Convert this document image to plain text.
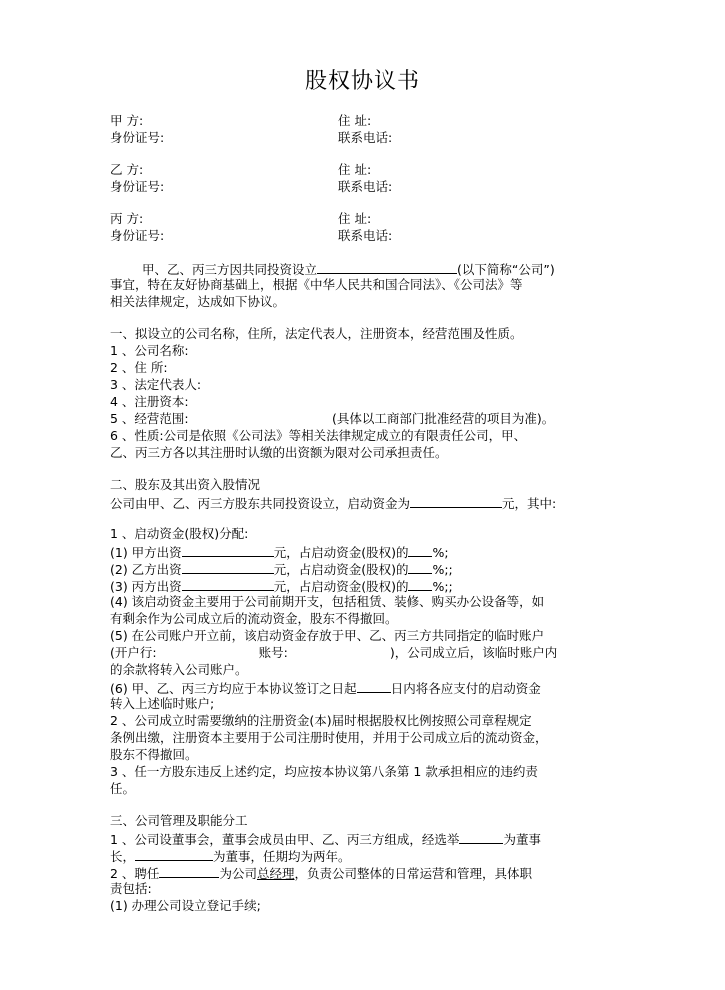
股权协议书
甲 方:	住 址:
身份证号:	联系电话:
乙 方:	住 址:
身份证号:	联系电话:
丙 方:	住 址:
身份证号:	联系电话:
甲、乙、丙三方因共同投资设立	(以下简称“公司”)
事宜，特在友好协商基础上，根据《中华人民共和国合同法》、《公司法》等
相关法律规定，达成如下协议。
一、拟设立的公司名称，住所，法定代表人，注册资本，经营范围及性质。
1 、公司名称:
2 、住 所:
3 、法定代表人:
4 、注册资本:
5 、经营范围:	(具体以工商部门批准经营的项目为准)。
6 、性质:公司是依照《公司法》等相关法律规定成立的有限责任公司，甲、
乙、丙三方各以其注册时认缴的出资额为限对公司承担责任。
二、股东及其出资入股情况
公司由甲、乙、丙三方股东共同投资设立，启动资金为	元，其中:
1 、启动资金(股权)分配:
(1) 甲方出资	元，占启动资金(股权)的 %;
(2) 乙方出资	元，占启动资金(股权)的 %;;
(3) 丙方出资	元，占启动资金(股权)的 %;;
(4) 该启动资金主要用于公司前期开支，包括租赁、装修、购买办公设备等，如
有剩余作为公司成立后的流动资金，股东不得撤回。
(5) 在公司账户开立前，该启动资金存放于甲、乙、丙三方共同指定的临时账户
(开户行:	账号:	)，公司成立后，该临时账户内
的余款将转入公司账户。
(6) 甲、乙、丙三方均应于本协议签订之日起	日内将各应支付的启动资金
转入上述临时账户;
2 、公司成立时需要缴纳的注册资金(本)届时根据股权比例按照公司章程规定
条例出缴，注册资本主要用于公司注册时使用，并用于公司成立后的流动资金，
股东不得撤回。
3 、任一方股东违反上述约定，均应按本协议第八条第 1 款承担相应的违约责
任。
三、公司管理及职能分工
1 、公司设董事会，董事会成员由甲、乙、丙三方组成，经选举	为董事
长，	为董事，任期均为两年。
2 、聘任	为公司总经理，负责公司整体的日常运营和管理，具体职
责包括:
(1) 办理公司设立登记手续;
